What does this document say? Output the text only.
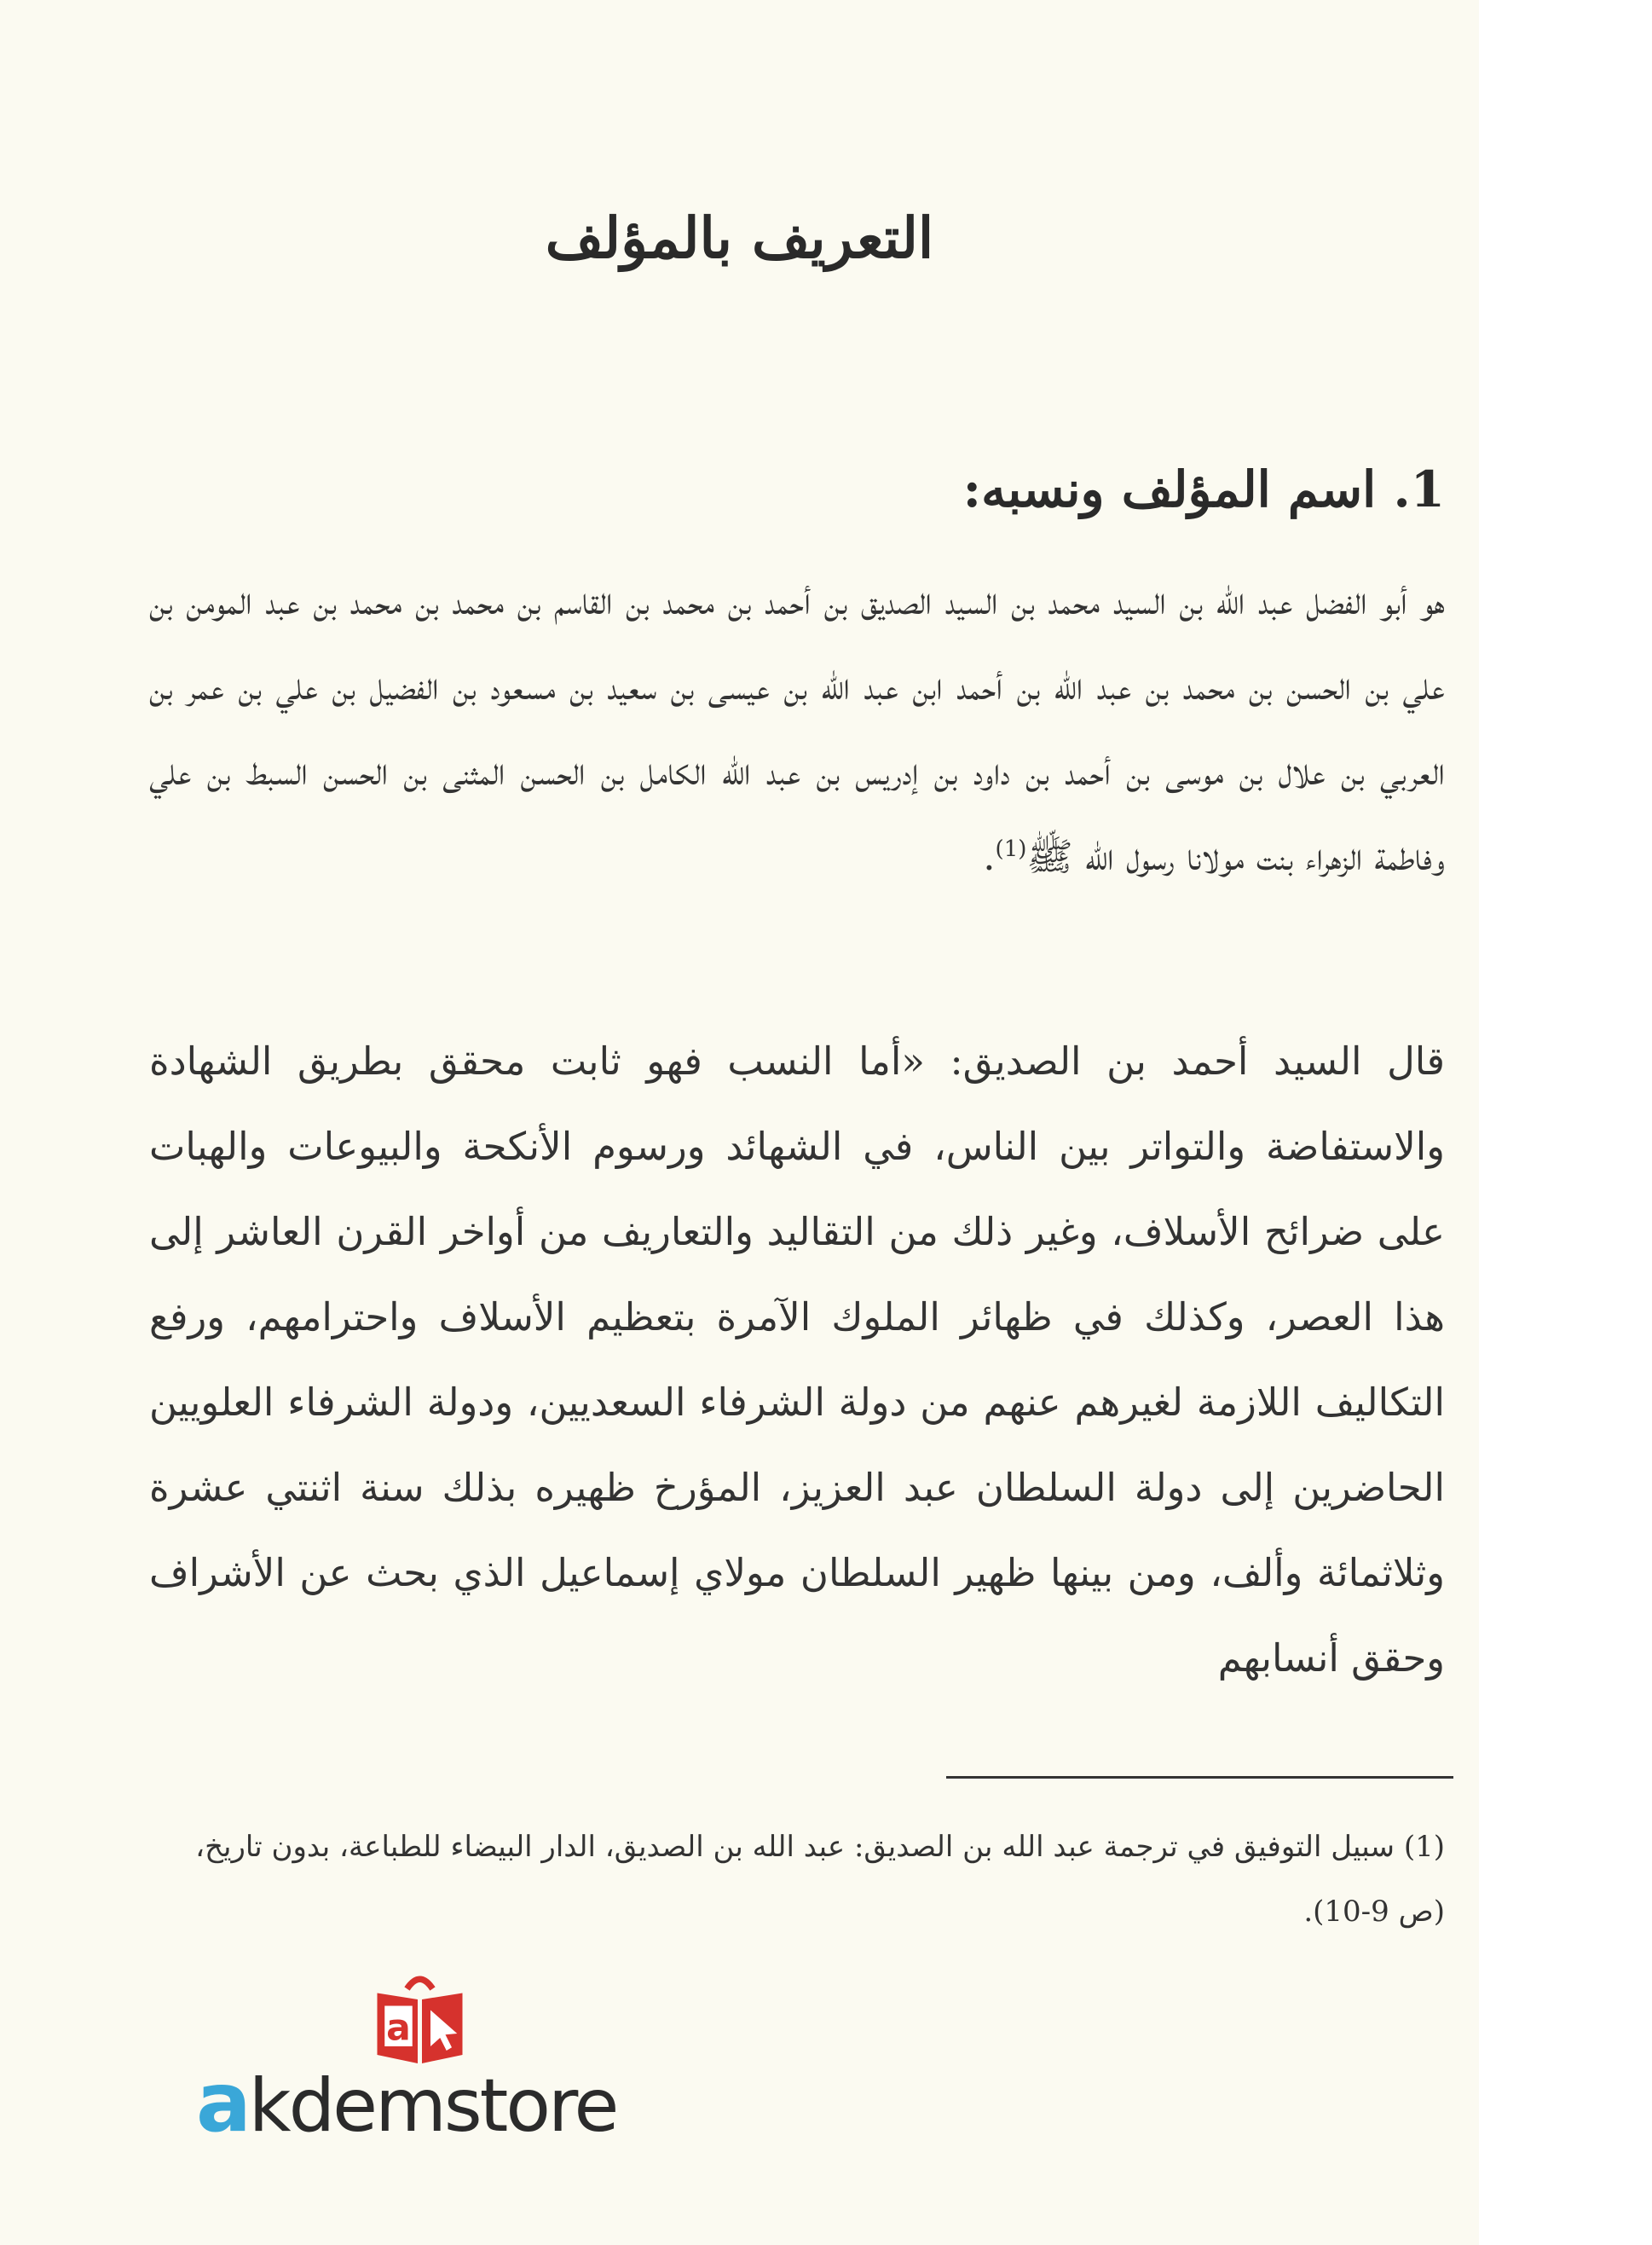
التعريف بالمؤلف
1. اسم المؤلف ونسبه:

هو أبو الفضل عبد الله بن السيد محمد بن السيد الصديق بن أحمد بن محمد بن القاسم بن محمد بن محمد بن عبد المومن بن علي بن الحسن بن محمد بن عبد الله بن أحمد ابن عبد الله بن عيسى بن سعيد بن مسعود بن الفضيل بن علي بن عمر بن العربي بن علال بن موسى بن أحمد بن داود بن إدريس بن عبد الله الكامل بن الحسن المثنى بن الحسن السبط بن علي وفاطمة الزهراء بنت مولانا رسول الله ﷺ$^{(1)}$.

قال السيد أحمد بن الصديق: «أما النسب فهو ثابت محقق بطريق الشهادة والاستفاضة والتواتر بين الناس، في الشهائد ورسوم الأنكحة والبيوعات والهبات على ضرائح الأسلاف، وغير ذلك من التقاليد والتعاريف من أواخر القرن العاشر إلى هذا العصر، وكذلك في ظهائر الملوك الآمرة بتعظيم الأسلاف واحترامهم، ورفع التكاليف اللازمة لغيرهم عنهم من دولة الشرفاء السعديين، ودولة الشرفاء العلويين الحاضرين إلى دولة السلطان عبد العزيز، المؤرخ ظهيره بذلك سنة اثنتي عشرة وثلاثمائة وألف، ومن بينها ظهير السلطان مولاي إسماعيل الذي بحث عن الأشراف وحقق أنسابهم

(1) سبيل التوفيق في ترجمة عبد الله بن الصديق: عبد الله بن الصديق، الدار البيضاء للطباعة، بدون تاريخ، (ص 9-10).

a
akdemstore
